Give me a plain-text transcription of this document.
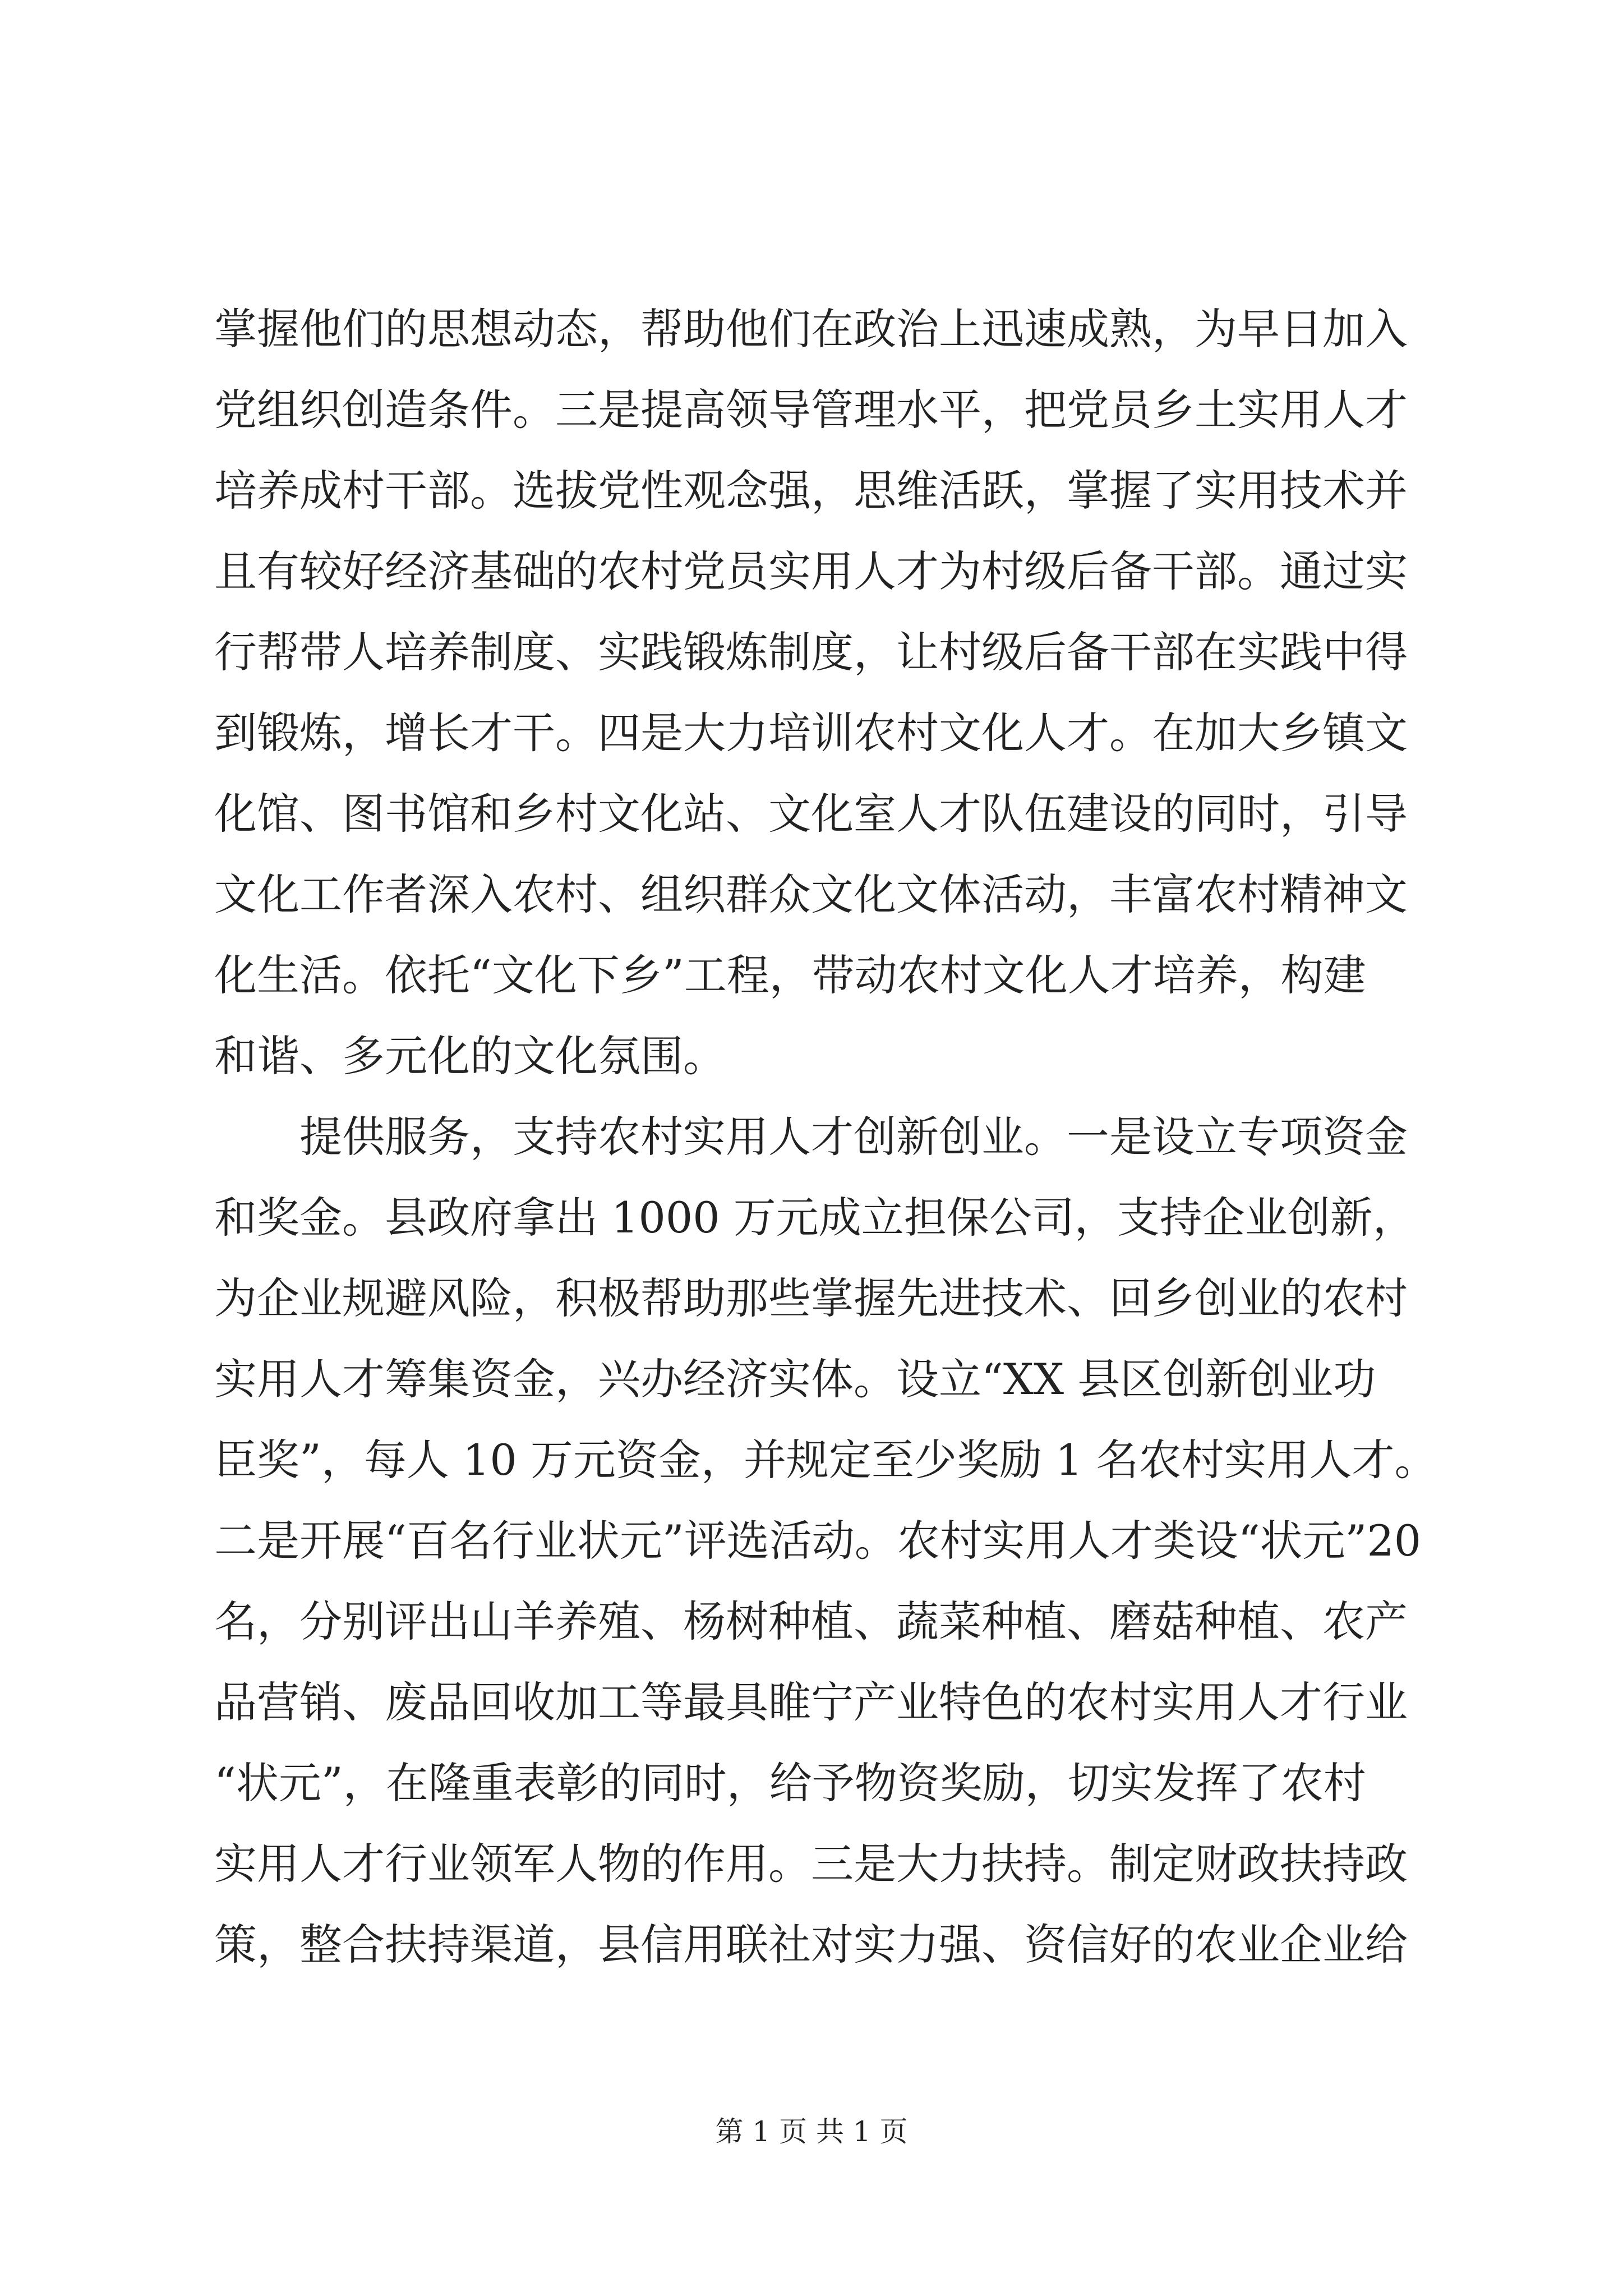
掌握他们的思想动态，帮助他们在政治上迅速成熟，为早日加入
党组织创造条件。三是提高领导管理水平，把党员乡土实用人才
培养成村干部。选拔党性观念强，思维活跃，掌握了实用技术并
且有较好经济基础的农村党员实用人才为村级后备干部。通过实
行帮带人培养制度、实践锻炼制度，让村级后备干部在实践中得
到锻炼，增长才干。四是大力培训农村文化人才。在加大乡镇文
化馆、图书馆和乡村文化站、文化室人才队伍建设的同时，引导
文化工作者深入农村、组织群众文化文体活动，丰富农村精神文
化生活。依托“文化下乡”工程，带动农村文化人才培养，构建
和谐、多元化的文化氛围。
　　提供服务，支持农村实用人才创新创业。一是设立专项资金
和奖金。县政府拿出 1000 万元成立担保公司，支持企业创新，
为企业规避风险，积极帮助那些掌握先进技术、回乡创业的农村
实用人才筹集资金，兴办经济实体。设立“XX 县区创新创业功
臣奖”，每人 10 万元资金，并规定至少奖励 1 名农村实用人才。
二是开展“百名行业状元”评选活动。农村实用人才类设“状元”20
名，分别评出山羊养殖、杨树种植、蔬菜种植、磨菇种植、农产
品营销、废品回收加工等最具睢宁产业特色的农村实用人才行业
“状元”，在隆重表彰的同时，给予物资奖励，切实发挥了农村
实用人才行业领军人物的作用。三是大力扶持。制定财政扶持政
策，整合扶持渠道，县信用联社对实力强、资信好的农业企业给
第 1 页 共 1 页
